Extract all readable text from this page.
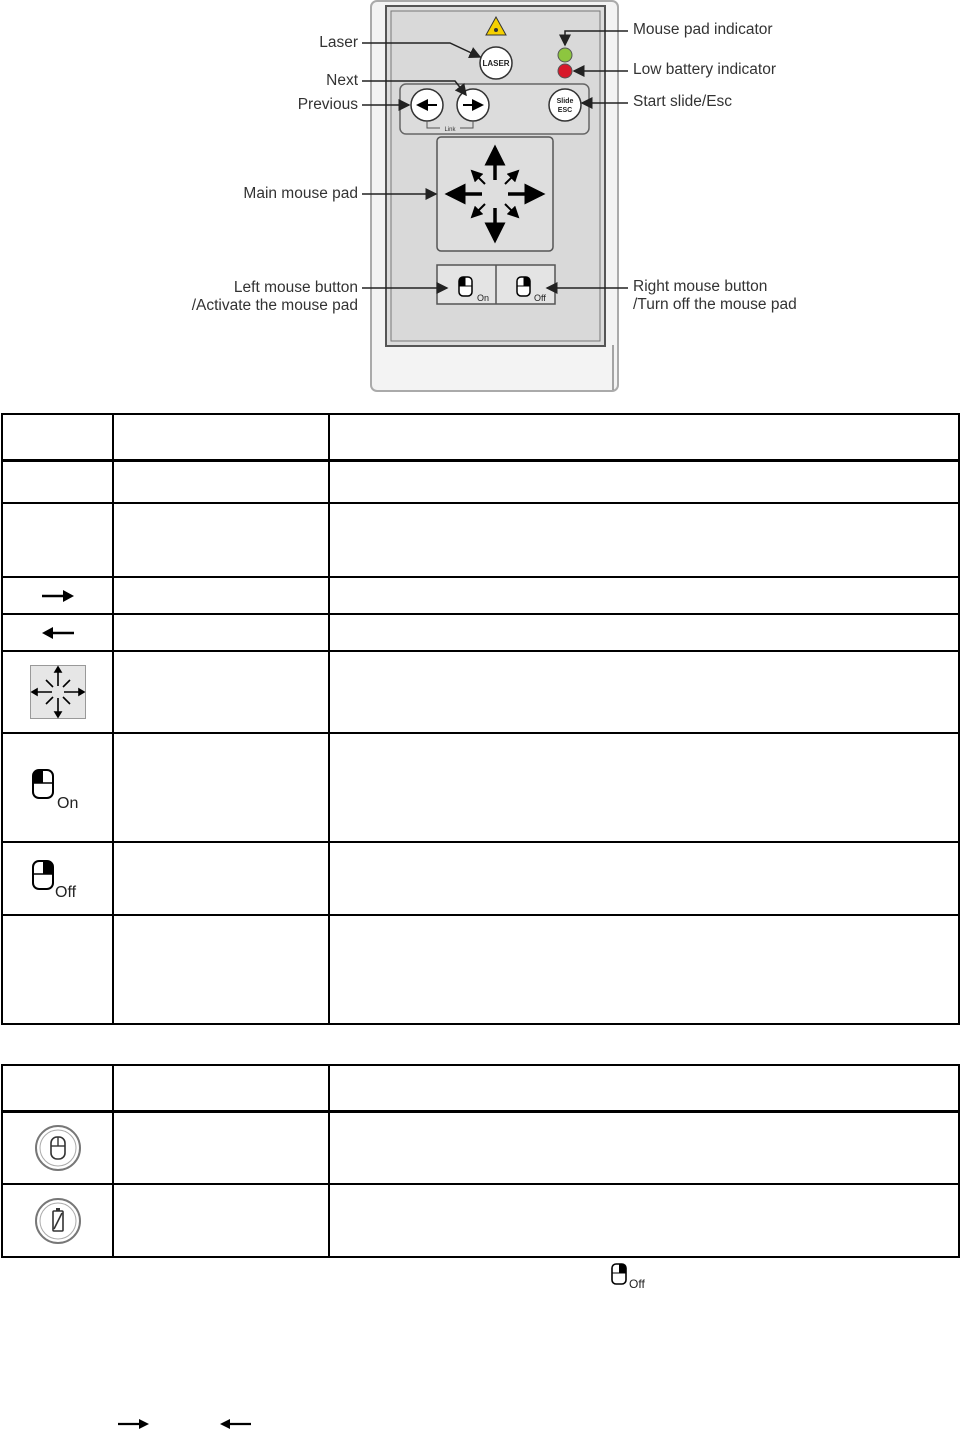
LASER
Link
Slide
ESC
On	Off
Laser
Next
Previous
Main mouse pad
Left mouse button
/Activate the mouse pad
Mouse pad indicator
Low battery indicator
Start slide/Esc
Right mouse button
/Turn off the mouse pad

On		

Off		

Off
